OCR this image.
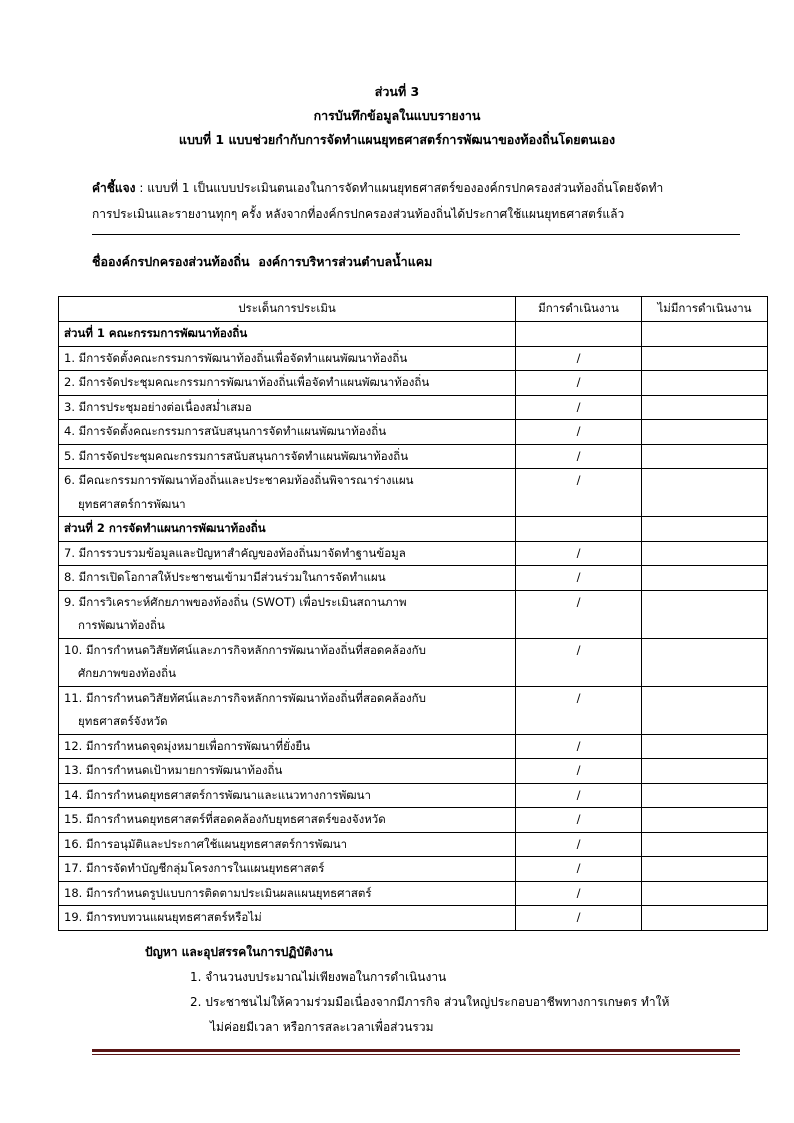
ส่วนที่ 3
การบันทึกข้อมูลในแบบรายงาน
แบบที่ 1 แบบช่วยกำกับการจัดทำแผนยุทธศาสตร์การพัฒนาของท้องถิ่นโดยตนเอง
คำชี้แจง : แบบที่ 1 เป็นแบบประเมินตนเองในการจัดทำแผนยุทธศาสตร์ขององค์กรปกครองส่วนท้องถิ่นโดยจัดทำ
การประเมินและรายงานทุกๆ ครั้ง หลังจากที่องค์กรปกครองส่วนท้องถิ่นได้ประกาศใช้แผนยุทธศาสตร์แล้ว
ชื่อองค์กรปกครองส่วนท้องถิ่น องค์การบริหารส่วนตำบลน้ำแคม
ประเด็นการประเมิน	มีการดำเนินงาน	ไม่มีการดำเนินงาน
ส่วนที่ 1 คณะกรรมการพัฒนาท้องถิ่น		
1. มีการจัดตั้งคณะกรรมการพัฒนาท้องถิ่นเพื่อจัดทำแผนพัฒนาท้องถิ่น	/	
2. มีการจัดประชุมคณะกรรมการพัฒนาท้องถิ่นเพื่อจัดทำแผนพัฒนาท้องถิ่น	/	
3. มีการประชุมอย่างต่อเนื่องสม่ำเสมอ	/	
4. มีการจัดตั้งคณะกรรมการสนับสนุนการจัดทำแผนพัฒนาท้องถิ่น	/	
5. มีการจัดประชุมคณะกรรมการสนับสนุนการจัดทำแผนพัฒนาท้องถิ่น	/	
6. มีคณะกรรมการพัฒนาท้องถิ่นและประชาคมท้องถิ่นพิจารณาร่างแผน
ยุทธศาสตร์การพัฒนา	/	
ส่วนที่ 2 การจัดทำแผนการพัฒนาท้องถิ่น		
7. มีการรวบรวมข้อมูลและปัญหาสำคัญของท้องถิ่นมาจัดทำฐานข้อมูล	/	
8. มีการเปิดโอกาสให้ประชาชนเข้ามามีส่วนร่วมในการจัดทำแผน	/	
9. มีการวิเคราะห์ศักยภาพของท้องถิ่น (SWOT) เพื่อประเมินสถานภาพ
การพัฒนาท้องถิ่น	/	
10. มีการกำหนดวิสัยทัศน์และภารกิจหลักการพัฒนาท้องถิ่นที่สอดคล้องกับ
ศักยภาพของท้องถิ่น	/	
11. มีการกำหนดวิสัยทัศน์และภารกิจหลักการพัฒนาท้องถิ่นที่สอดคล้องกับ
ยุทธศาสตร์จังหวัด	/	
12. มีการกำหนดจุดมุ่งหมายเพื่อการพัฒนาที่ยั่งยืน	/	
13. มีการกำหนดเป้าหมายการพัฒนาท้องถิ่น	/	
14. มีการกำหนดยุทธศาสตร์การพัฒนาและแนวทางการพัฒนา	/	
15. มีการกำหนดยุทธศาสตร์ที่สอดคล้องกับยุทธศาสตร์ของจังหวัด	/	
16. มีการอนุมัติและประกาศใช้แผนยุทธศาสตร์การพัฒนา	/	
17. มีการจัดทำบัญชีกลุ่มโครงการในแผนยุทธศาสตร์	/	
18. มีการกำหนดรูปแบบการติดตามประเมินผลแผนยุทธศาสตร์	/	
19. มีการทบทวนแผนยุทธศาสตร์หรือไม่	/	
ปัญหา และอุปสรรคในการปฏิบัติงาน
1. จำนวนงบประมาณไม่เพียงพอในการดำเนินงาน
2. ประชาชนไม่ให้ความร่วมมือเนื่องจากมีภารกิจ ส่วนใหญ่ประกอบอาชีพทางการเกษตร ทำให้
ไม่ค่อยมีเวลา หรือการสละเวลาเพื่อส่วนรวม
